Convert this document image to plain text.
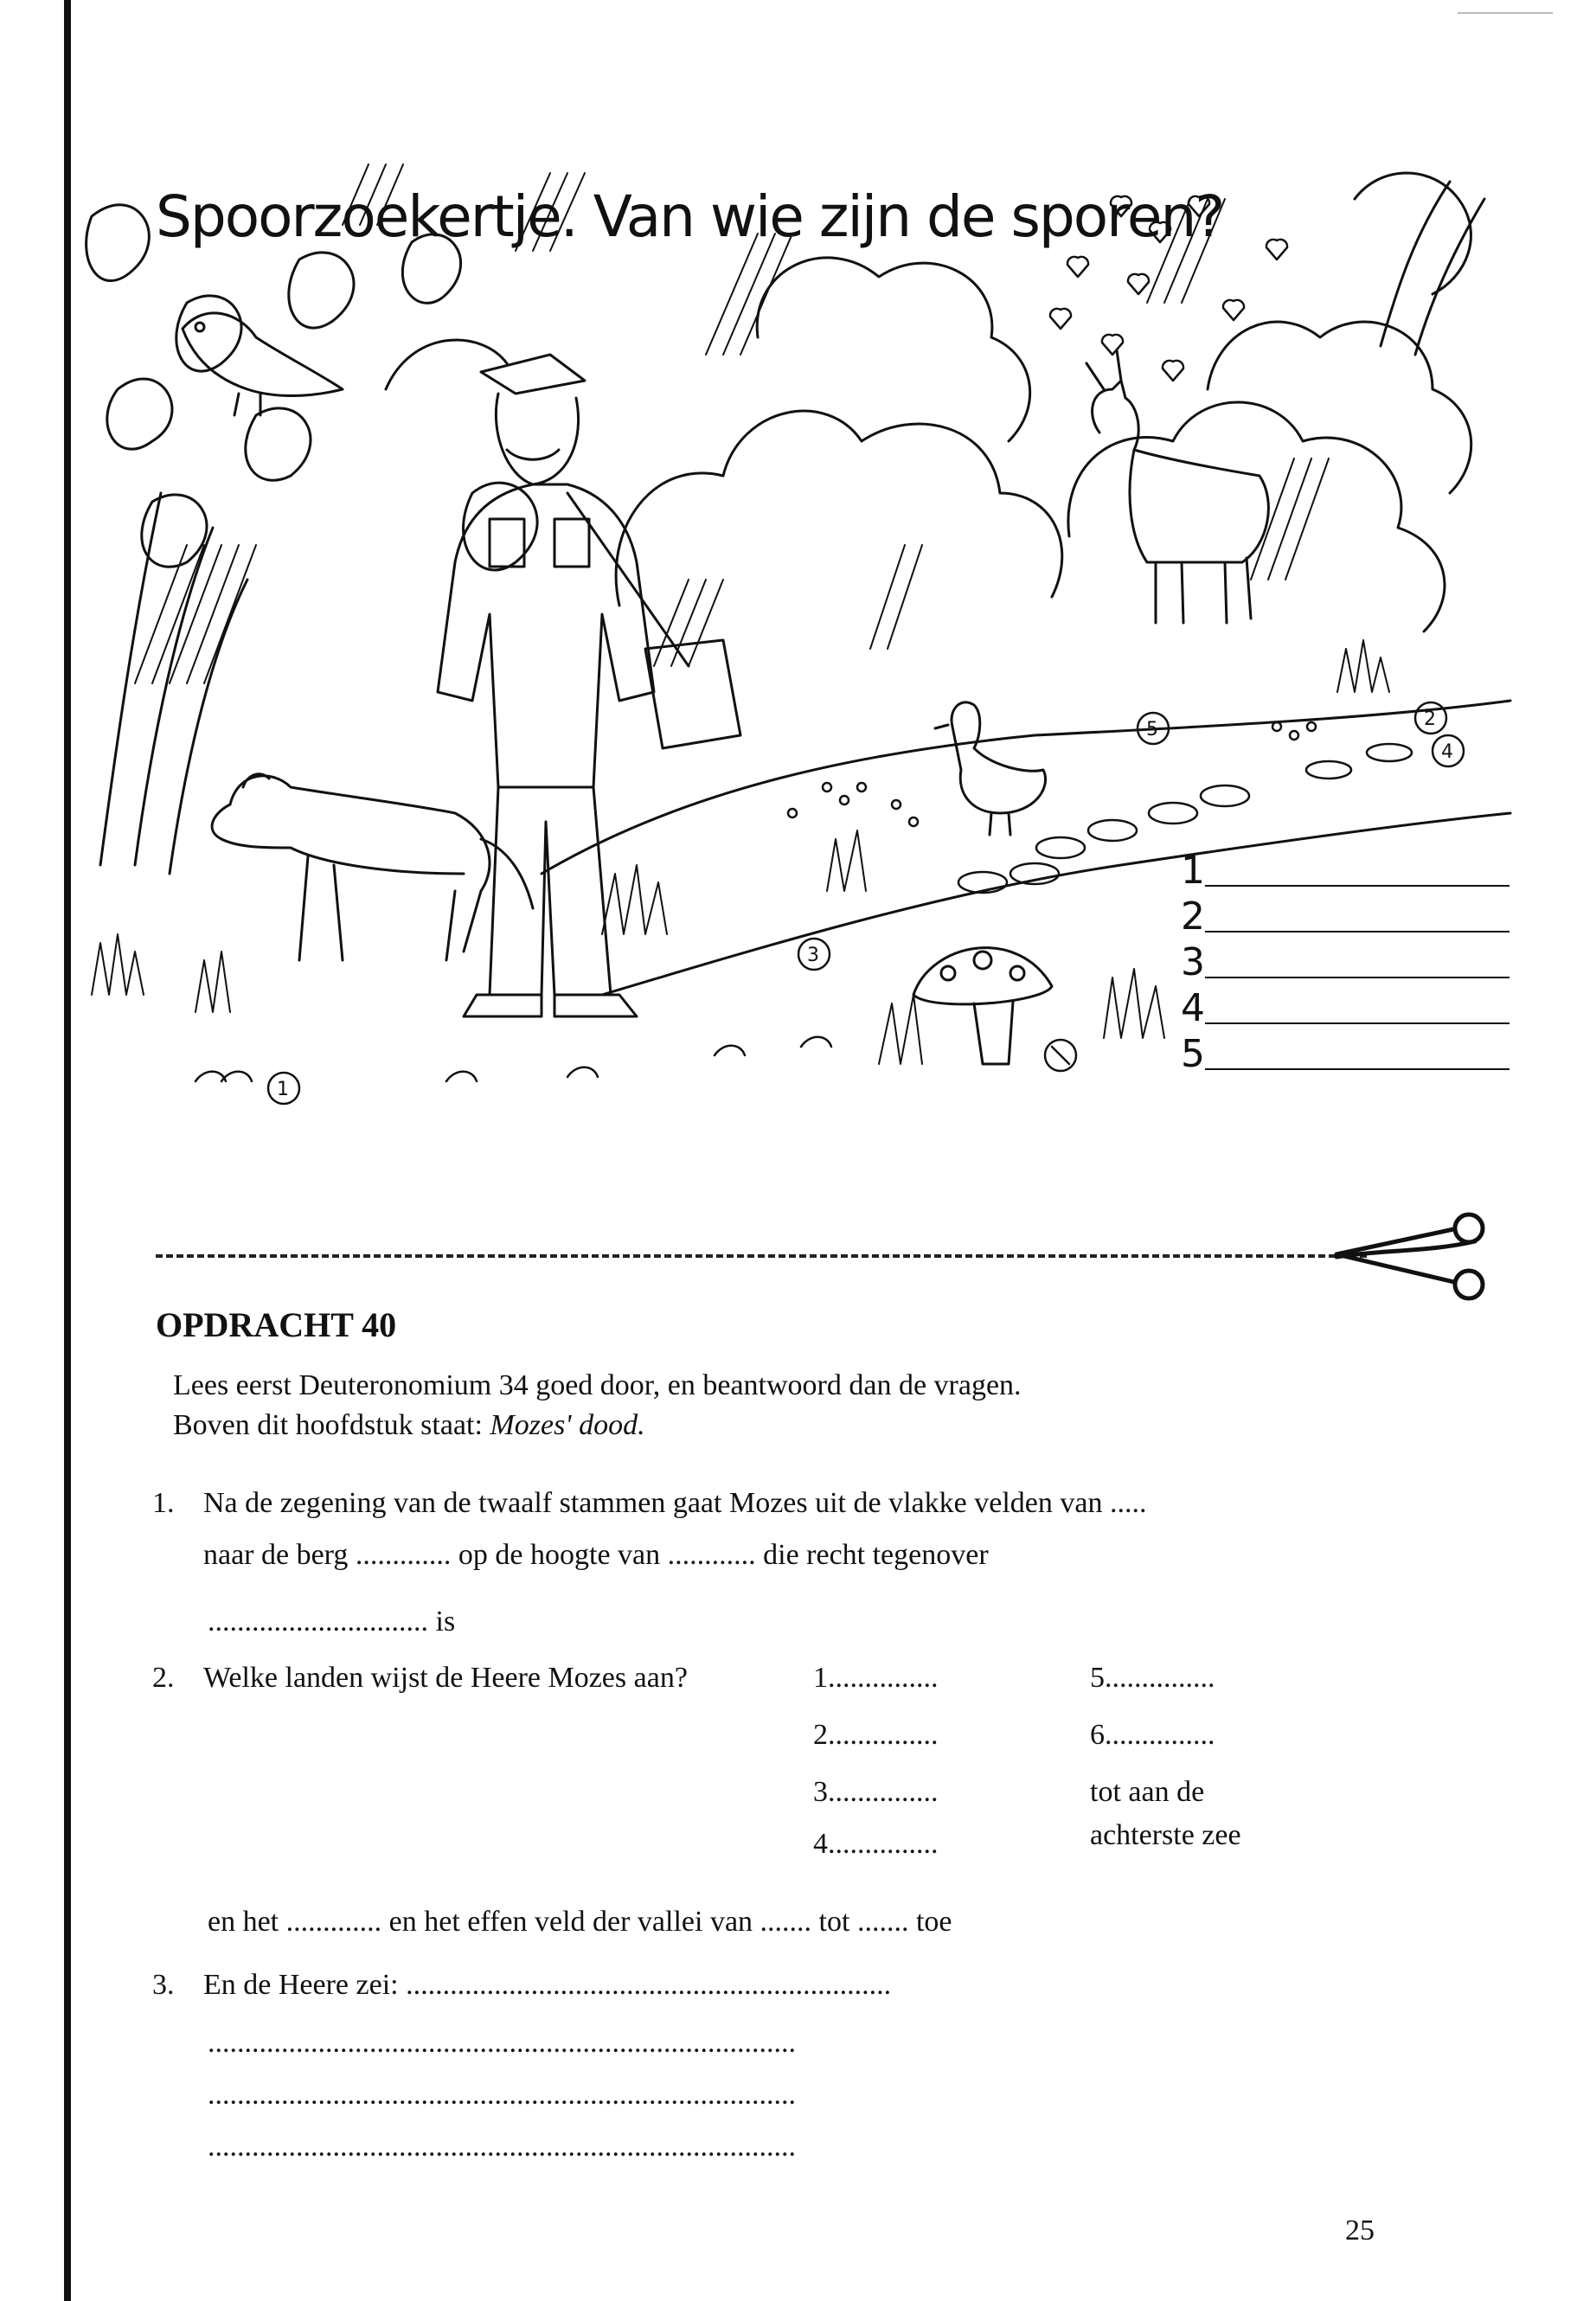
Spoorzoekertje. Van wie zijn de sporen?
1
2
3
4
5
1
2
3
4
5
OPDRACHT 40
Lees eerst Deuteronomium 34 goed door, en beantwoord dan de vragen.
Boven dit hoofdstuk staat: Mozes' dood.
1. Na de zegening van de twaalf stammen gaat Mozes uit de vlakke velden van .....
naar de berg ............. op de hoogte van ............ die recht tegenover
.............................. is
2. Welke landen wijst de Heere Mozes aan?	1...............	5...............
2...............	6...............
3...............	tot aan de
4...............	achterste zee
en het ............. en het effen veld der vallei van ....... tot ....... toe
3. En de Heere zei: ..................................................................
................................................................................
................................................................................
................................................................................
25
